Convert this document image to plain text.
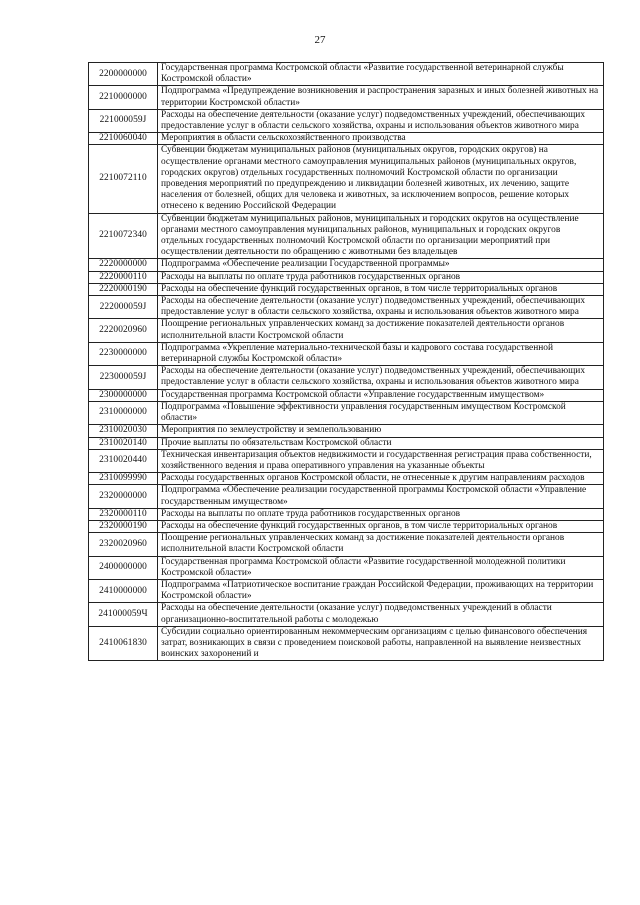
27
2200000000	Государственная программа Костромской области «Развитие государственной ветеринарной службы Костромской области»
2210000000	Подпрограмма «Предупреждение возникновения и распространения заразных и иных болезней животных на территории Костромской области»
221000059J	Расходы на обеспечение деятельности (оказание услуг) подведомственных учреждений, обеспечивающих предоставление услуг в области сельского хозяйства, охраны и использования объектов животного мира
2210060040	Мероприятия в области сельскохозяйственного производства
2210072110	Субвенции бюджетам муниципальных районов (муниципальных округов, городских округов) на осуществление органами местного самоуправления муниципальных районов (муниципальных округов, городских округов) отдельных государственных полномочий Костромской области по организации проведения мероприятий по предупреждению и ликвидации болезней животных, их лечению, защите населения от болезней, общих для человека и животных, за исключением вопросов, решение которых отнесено к ведению Российской Федерации
2210072340	Субвенции бюджетам муниципальных районов, муниципальных и городских округов на осуществление органами местного самоуправления муниципальных районов, муниципальных и городских округов отдельных государственных полномочий Костромской области по организации мероприятий при осуществлении деятельности по обращению с животными без владельцев
2220000000	Подпрограмма «Обеспечение реализации Государственной программы»
2220000110	Расходы на выплаты по оплате труда работников государственных органов
2220000190	Расходы на обеспечение функций государственных органов, в том числе территориальных органов
222000059J	Расходы на обеспечение деятельности (оказание услуг) подведомственных учреждений, обеспечивающих предоставление услуг в области сельского хозяйства, охраны и использования объектов животного мира
2220020960	Поощрение региональных управленческих команд за достижение показателей деятельности органов исполнительной власти Костромской области
2230000000	Подпрограмма «Укрепление материально-технической базы и кадрового состава государственной ветеринарной службы Костромской области»
223000059J	Расходы на обеспечение деятельности (оказание услуг) подведомственных учреждений, обеспечивающих предоставление услуг в области сельского хозяйства, охраны и использования объектов животного мира
2300000000	Государственная программа Костромской области «Управление государственным имуществом»
2310000000	Подпрограмма «Повышение эффективности управления государственным имуществом Костромской области»
2310020030	Мероприятия по землеустройству и землепользованию
2310020140	Прочие выплаты по обязательствам Костромской области
2310020440	Техническая инвентаризация объектов недвижимости и государственная регистрация права собственности, хозяйственного ведения и права оперативного управления на указанные объекты
2310099990	Расходы государственных органов Костромской области, не отнесенные к другим направлениям расходов
2320000000	Подпрограмма «Обеспечение реализации государственной программы Костромской области «Управление государственным имуществом»
2320000110	Расходы на выплаты по оплате труда работников государственных органов
2320000190	Расходы на обеспечение функций государственных органов, в том числе территориальных органов
2320020960	Поощрение региональных управленческих команд за достижение показателей деятельности органов исполнительной власти Костромской области
2400000000	Государственная программа Костромской области «Развитие государственной молодежной политики Костромской области»
2410000000	Подпрограмма «Патриотическое воспитание граждан Российской Федерации, проживающих на территории Костромской области»
241000059Ч	Расходы на обеспечение деятельности (оказание услуг) подведомственных учреждений в области организационно-воспитательной работы с молодежью
2410061830	Субсидии социально ориентированным некоммерческим организациям с целью финансового обеспечения затрат, возникающих в связи с проведением поисковой работы, направленной на выявление неизвестных воинских захоронений и
